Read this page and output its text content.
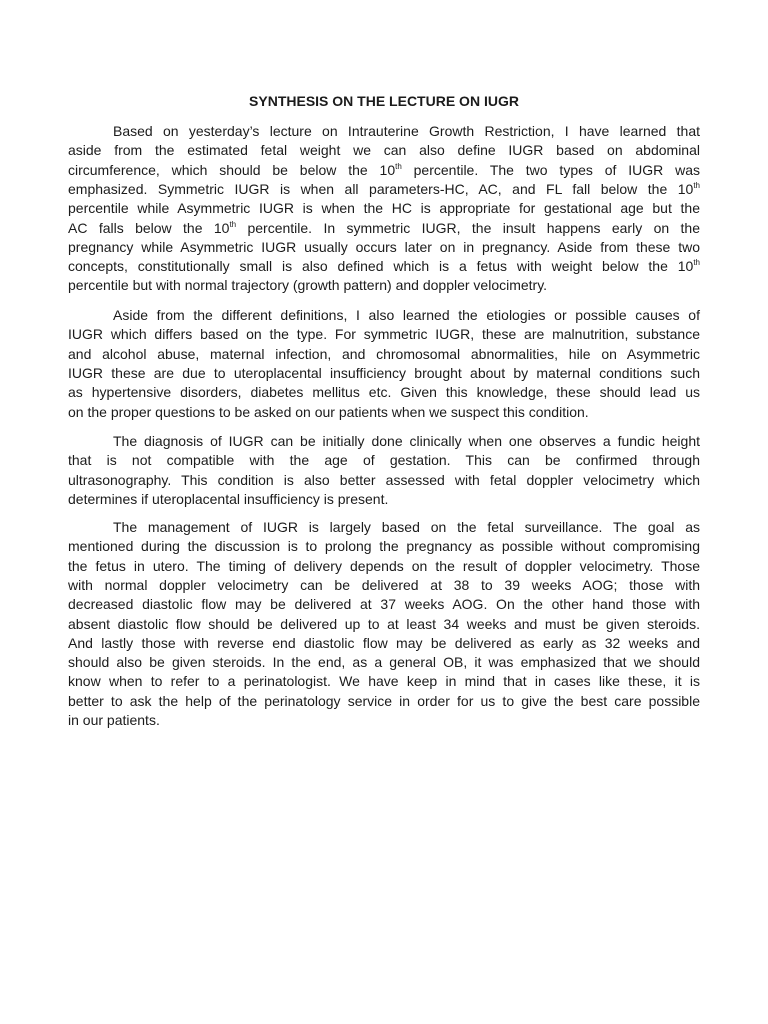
SYNTHESIS ON THE LECTURE ON IUGR
Based on yesterday’s lecture on Intrauterine Growth Restriction, I have learned that
aside from the estimated fetal weight we can also define IUGR based on abdominal
circumference, which should be below the 10th percentile. The two types of IUGR was
emphasized. Symmetric IUGR is when all parameters-HC, AC, and FL fall below the 10th
percentile while Asymmetric IUGR is when the HC is appropriate for gestational age but the
AC falls below the 10th percentile. In symmetric IUGR, the insult happens early on the
pregnancy while Asymmetric IUGR usually occurs later on in pregnancy. Aside from these two
concepts, constitutionally small is also defined which is a fetus with weight below the 10th
percentile but with normal trajectory (growth pattern) and doppler velocimetry.
Aside from the different definitions, I also learned the etiologies or possible causes of
IUGR which differs based on the type. For symmetric IUGR, these are malnutrition, substance
and alcohol abuse, maternal infection, and chromosomal abnormalities, hile on Asymmetric
IUGR these are due to uteroplacental insufficiency brought about by maternal conditions such
as hypertensive disorders, diabetes mellitus etc. Given this knowledge, these should lead us
on the proper questions to be asked on our patients when we suspect this condition.
The diagnosis of IUGR can be initially done clinically when one observes a fundic height
that is not compatible with the age of gestation. This can be confirmed through
ultrasonography. This condition is also better assessed with fetal doppler velocimetry which
determines if uteroplacental insufficiency is present.
The management of IUGR is largely based on the fetal surveillance. The goal as
mentioned during the discussion is to prolong the pregnancy as possible without compromising
the fetus in utero. The timing of delivery depends on the result of doppler velocimetry. Those
with normal doppler velocimetry can be delivered at 38 to 39 weeks AOG; those with
decreased diastolic flow may be delivered at 37 weeks AOG. On the other hand those with
absent diastolic flow should be delivered up to at least 34 weeks and must be given steroids.
And lastly those with reverse end diastolic flow may be delivered as early as 32 weeks and
should also be given steroids. In the end, as a general OB, it was emphasized that we should
know when to refer to a perinatologist. We have keep in mind that in cases like these, it is
better to ask the help of the perinatology service in order for us to give the best care possible
in our patients.
